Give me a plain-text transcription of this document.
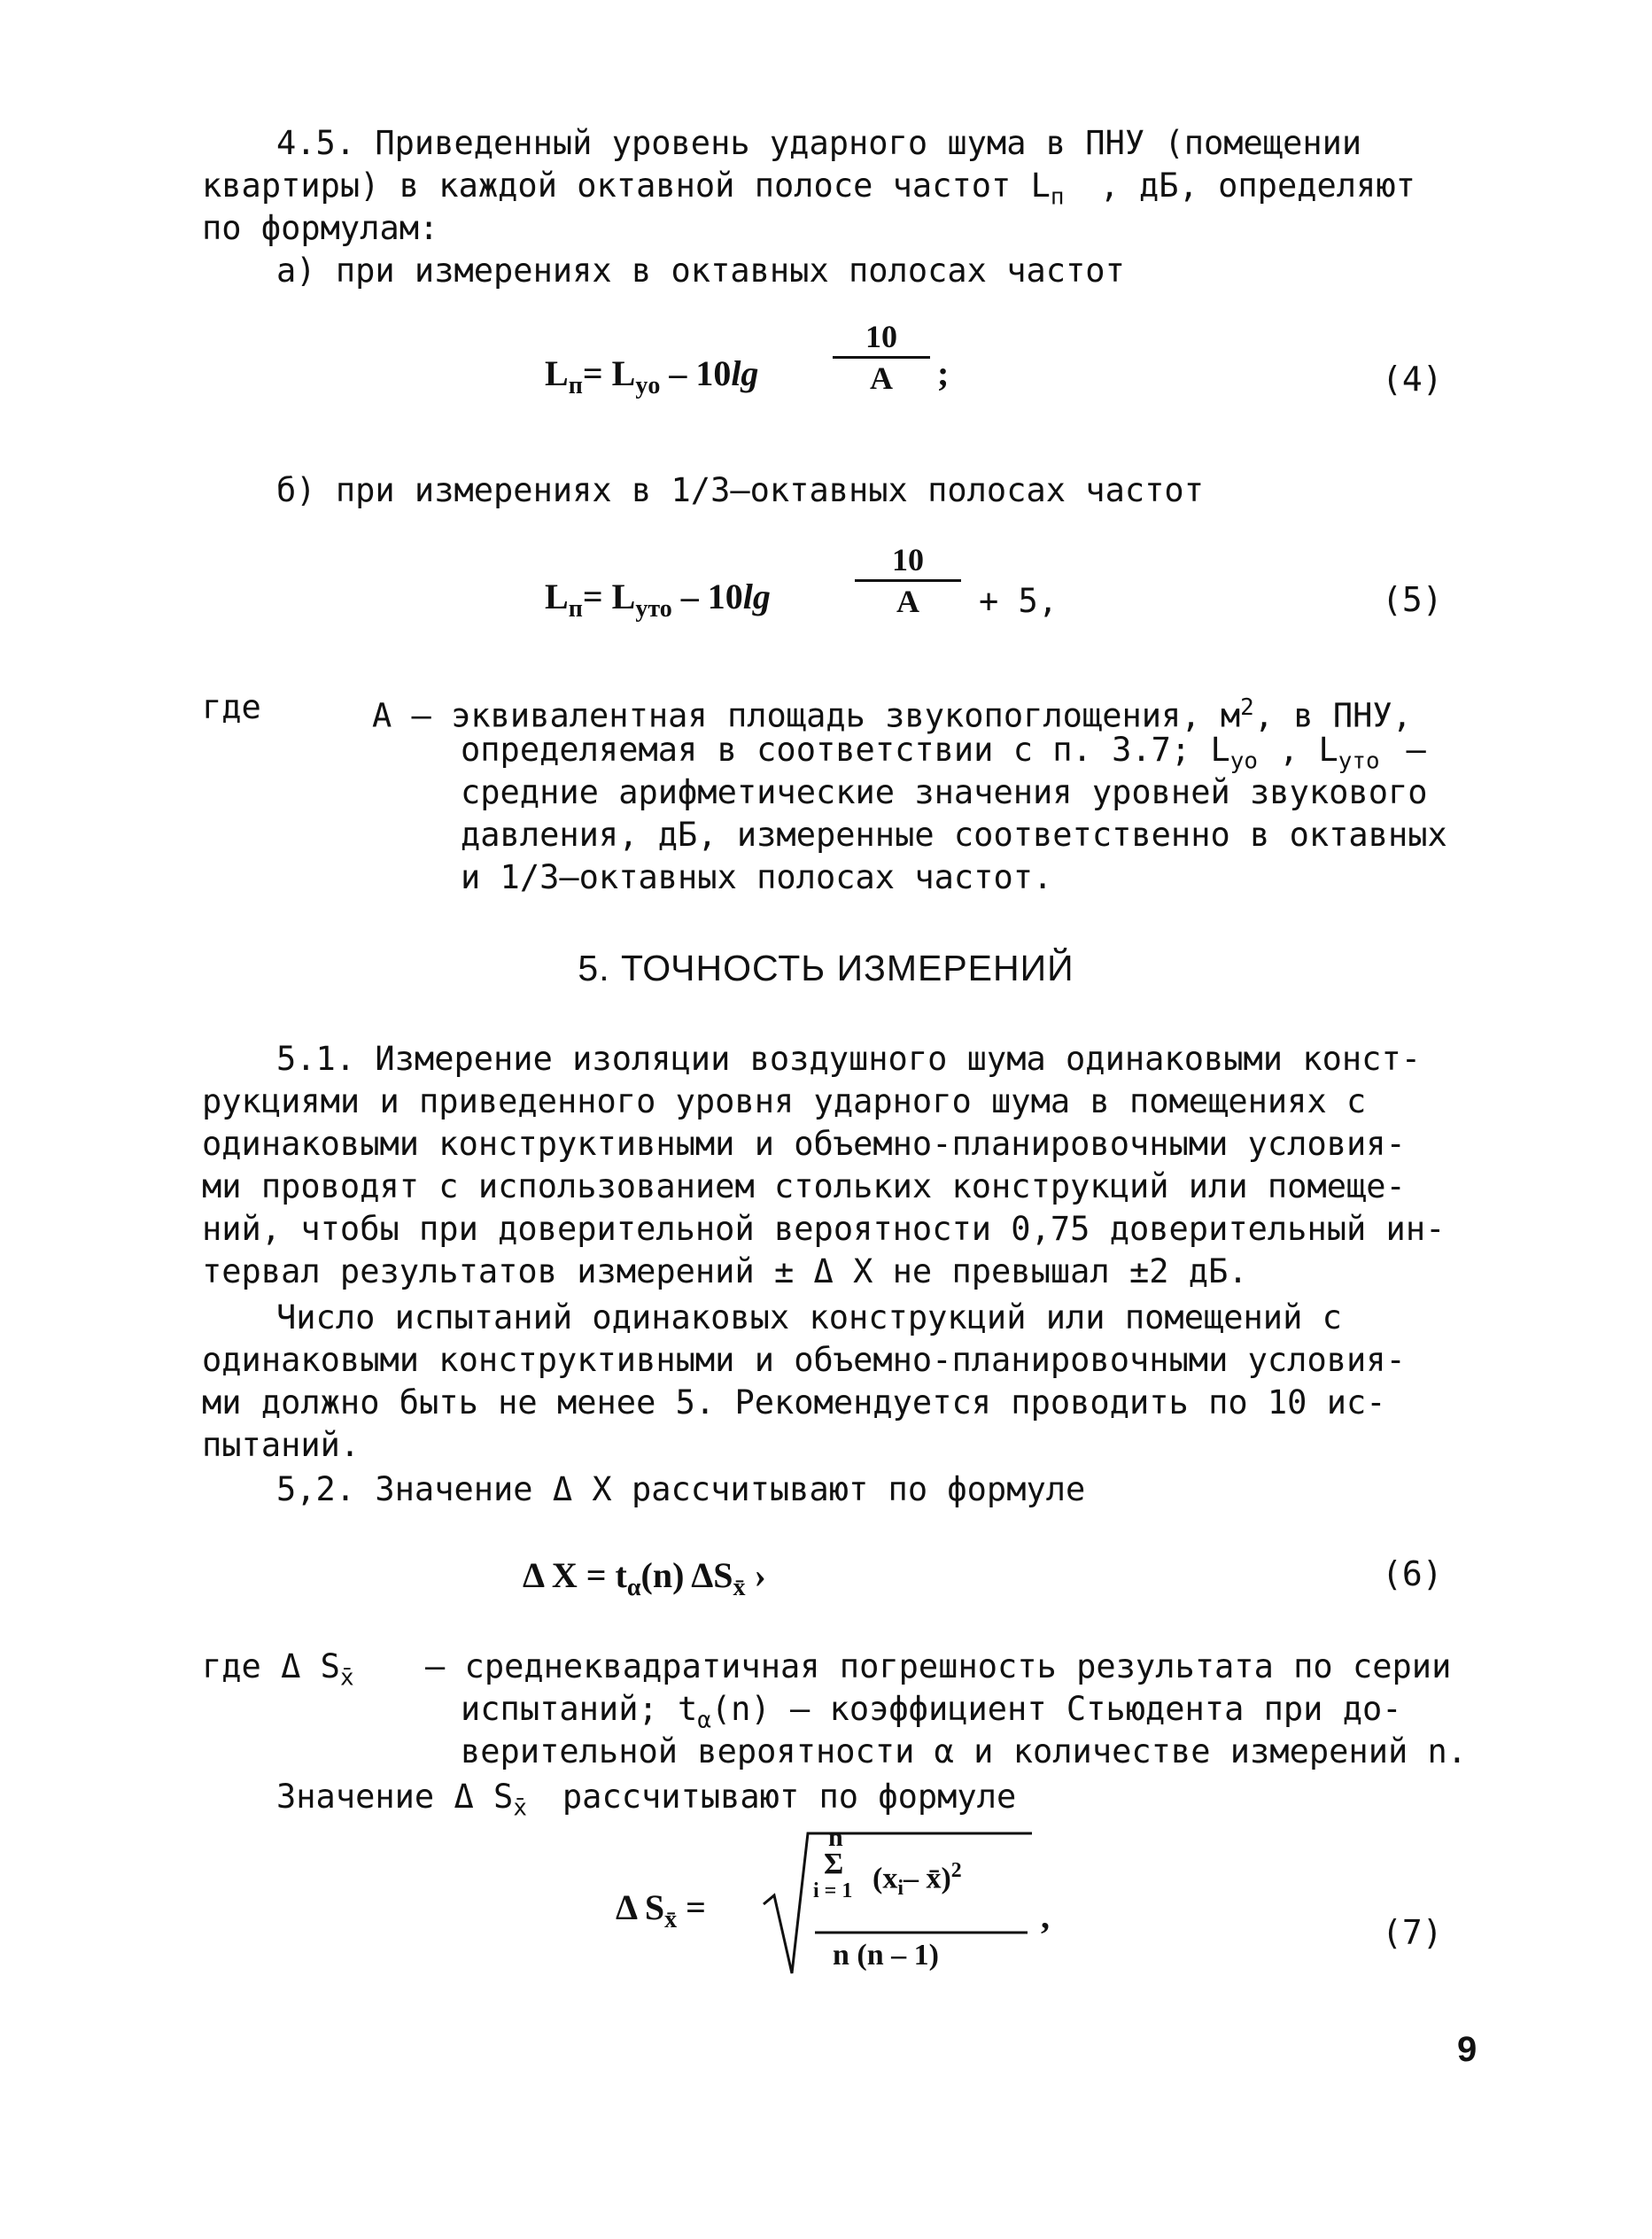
4.5. Приведенный уровень ударного шума в ПНУ (помещении
квартиры) в каждой октавной полосе частот $L_п$ , дБ, определяют
по формулам:
а) при измерениях в октавных полосах частот
$L_п= L_{yo} - 10\lg$
10
A	;	(4)
б) при измерениях в 1/3–октавных полосах частот
$L_п= L_{yто} - 10\lg$
10
A	+ 5,	(5)
где	A – эквивалентная площадь звукопоглощения, $м^2$, в ПНУ,
определяемая в соответствии с п. 3.7; $L_{yo}$ , $L_{yто}$ –
средние арифметические значения уровней звукового
давления, дБ, измеренные соответственно в октавных
и 1/3–октавных полосах частот.
5. ТОЧНОСТЬ ИЗМЕРЕНИЙ
5.1. Измерение изоляции воздушного шума одинаковыми конст-
рукциями и приведенного уровня ударного шума в помещениях с
одинаковыми конструктивными и объемно-планировочными условия-
ми проводят с использованием стольких конструкций или помеще-
ний, чтобы при доверительной вероятности 0,75 доверительный ин-
тервал результатов измерений ± Δ X не превышал ±2 дБ.
Число испытаний одинаковых конструкций или помещений с
одинаковыми конструктивными и объемно-планировочными условия-
ми должно быть не менее 5. Рекомендуется проводить по 10 ис-
пытаний.
5,2. Значение Δ X рассчитывают по формуле
Δ $X = t_\alpha(n)$ $\Delta S_{x̄}$ ›	(6)
где Δ $S_{x̄}$ – среднеквадратичная погрешность результата по серии
испытаний; $t_\alpha(n)$ – коэффициент Стьюдента при до-
верительной вероятности α и количестве измерений n.
Значение Δ $S_{x̄}$ рассчитывают по формуле
Δ $S_{x̄}$ =
n
Σ
i = 1 ($x_i-$ x̄)$^2$
n (n – 1)
,	(7)
9
